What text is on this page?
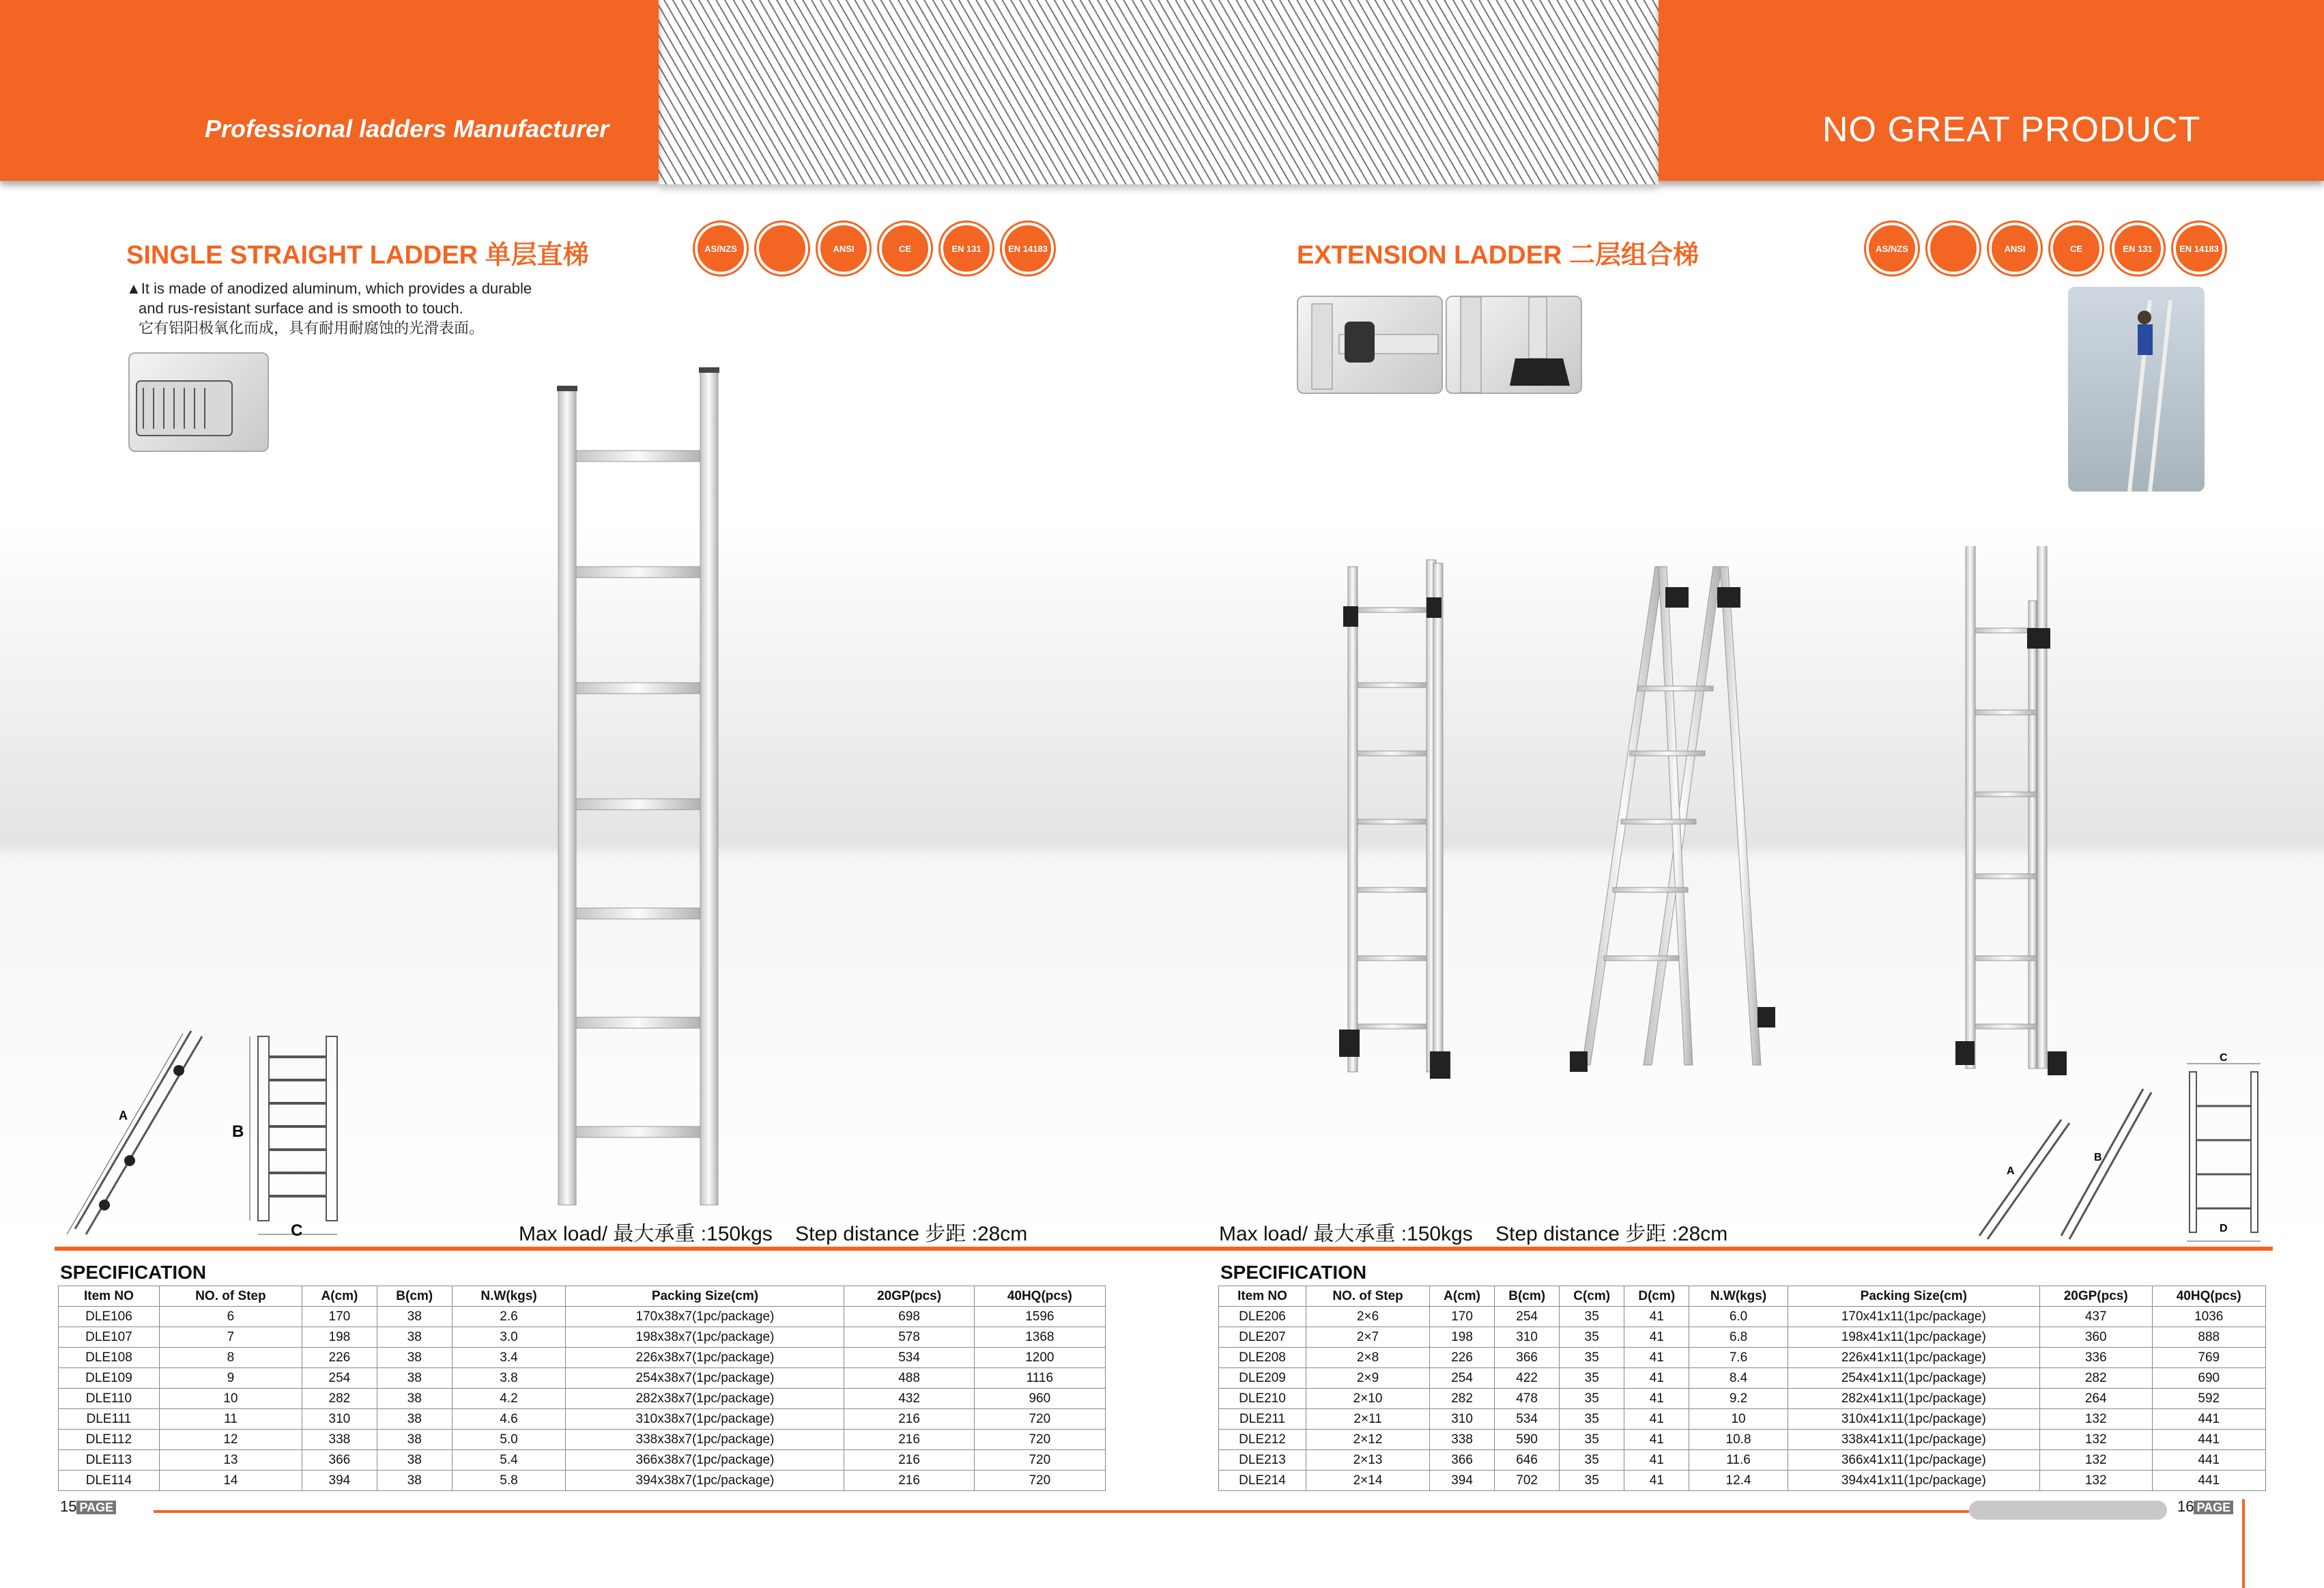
Professional ladders Manufacturer	NO GREAT PRODUCT
SINGLE STRAIGHT LADDER 单层直梯	AS/NZS	ANSI	CE	EN 131	EN 14183
▲It is made of anodized aluminum, which provides a durable
and rus-resistant surface and is smooth to touch.
它有铝阳极氧化而成，具有耐用耐腐蚀的光滑表面。
A
B
C	Max load/ 最大承重 :150kgs    Step distance 步距 :28cm
EXTENSION LADDER 二层组合梯	AS/NZS	ANSI	CE	EN 131	EN 14183
A
B
C
D
Max load/ 最大承重 :150kgs    Step distance 步距 :28cm
SPECIFICATION
Item NO	NO. of Step	A(cm)	B(cm)	N.W(kgs)	Packing Size(cm)	20GP(pcs)	40HQ(pcs)
DLE106	6	170	38	2.6	170x38x7(1pc/package)	698	1596
DLE107	7	198	38	3.0	198x38x7(1pc/package)	578	1368
DLE108	8	226	38	3.4	226x38x7(1pc/package)	534	1200
DLE109	9	254	38	3.8	254x38x7(1pc/package)	488	1116
DLE110	10	282	38	4.2	282x38x7(1pc/package)	432	960
DLE111	11	310	38	4.6	310x38x7(1pc/package)	216	720
DLE112	12	338	38	5.0	338x38x7(1pc/package)	216	720
DLE113	13	366	38	5.4	366x38x7(1pc/package)	216	720
DLE114	14	394	38	5.8	394x38x7(1pc/package)	216	720
SPECIFICATION
Item NO	NO. of Step	A(cm)	B(cm)	C(cm)	D(cm)	N.W(kgs)	Packing Size(cm)	20GP(pcs)	40HQ(pcs)
DLE206	2×6	170	254	35	41	6.0	170x41x11(1pc/package)	437	1036
DLE207	2×7	198	310	35	41	6.8	198x41x11(1pc/package)	360	888
DLE208	2×8	226	366	35	41	7.6	226x41x11(1pc/package)	336	769
DLE209	2×9	254	422	35	41	8.4	254x41x11(1pc/package)	282	690
DLE210	2×10	282	478	35	41	9.2	282x41x11(1pc/package)	264	592
DLE211	2×11	310	534	35	41	10	310x41x11(1pc/package)	132	441
DLE212	2×12	338	590	35	41	10.8	338x41x11(1pc/package)	132	441
DLE213	2×13	366	646	35	41	11.6	366x41x11(1pc/package)	132	441
DLE214	2×14	394	702	35	41	12.4	394x41x11(1pc/package)	132	441
15 PAGE	16 PAGE
